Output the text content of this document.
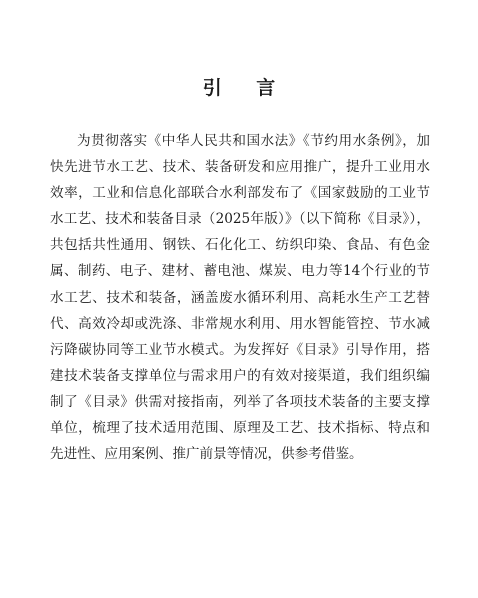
引 言

为贯彻落实《中华人民共和国水法》《节约用水条例》，加快先进节水工艺、技术、装备研发和应用推广，提升工业用水效率，工业和信息化部联合水利部发布了《国家鼓励的工业节水工艺、技术和装备目录（2025年版）》（以下简称《目录》），共包括共性通用、钢铁、石化化工、纺织印染、食品、有色金属、制药、电子、建材、蓄电池、煤炭、电力等14个行业的节水工艺、技术和装备，涵盖废水循环利用、高耗水生产工艺替代、高效冷却或洗涤、非常规水利用、用水智能管控、节水减污降碳协同等工业节水模式。为发挥好《目录》引导作用，搭建技术装备支撑单位与需求用户的有效对接渠道，我们组织编制了《目录》供需对接指南，列举了各项技术装备的主要支撑单位，梳理了技术适用范围、原理及工艺、技术指标、特点和先进性、应用案例、推广前景等情况，供参考借鉴。
